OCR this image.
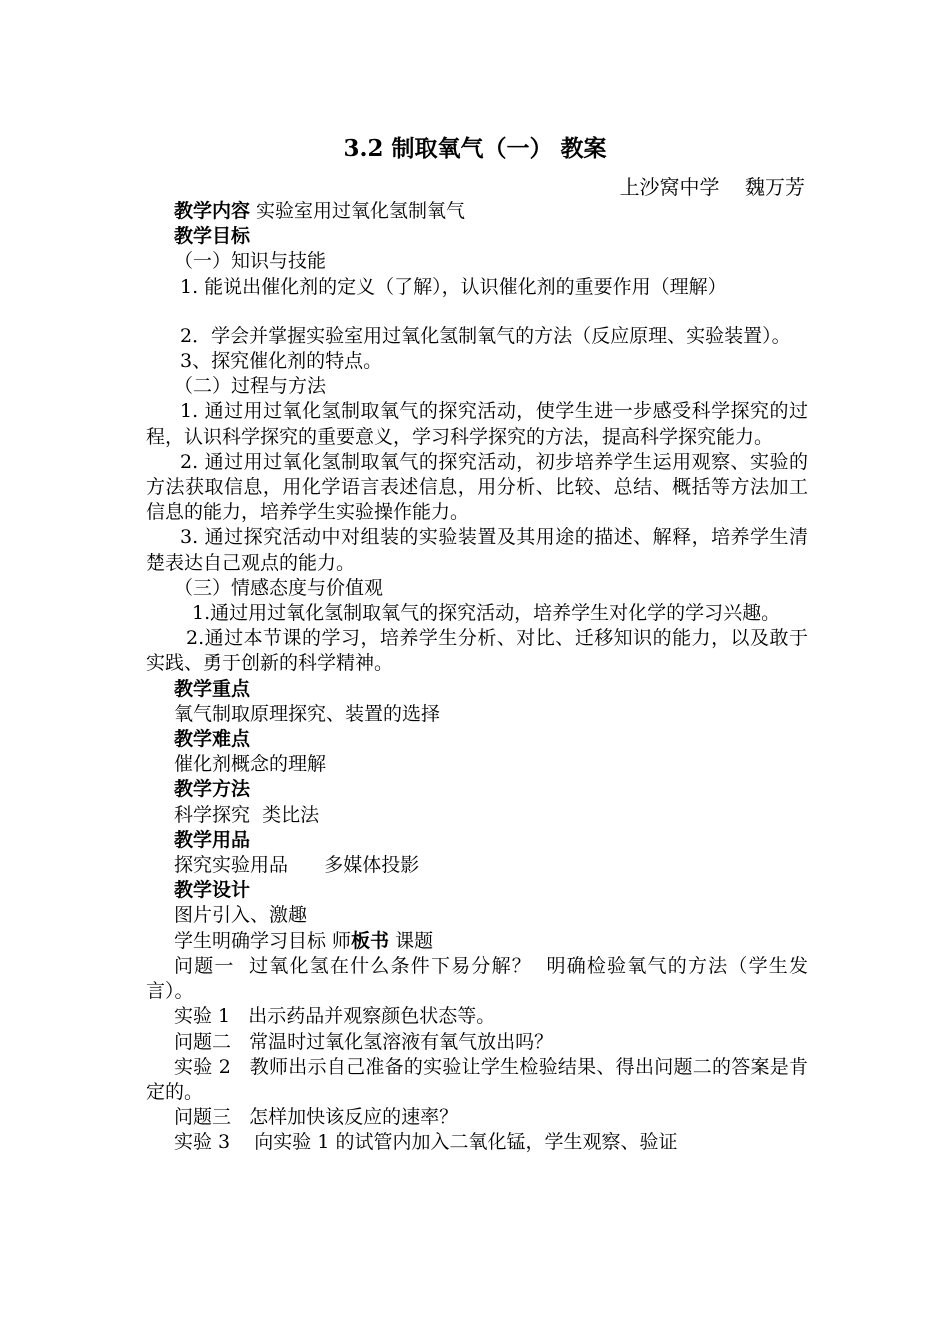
3.2 制取氧气（一） 教案
上沙窝中学    魏万芳

教学内容 实验室用过氧化氢制氧气

教学目标

（一）知识与技能

1. 能说出催化剂的定义（了解），认识催化剂的重要作用（理解）

2．学会并掌握实验室用过氧化氢制氧气的方法（反应原理、实验装置）。

3、探究催化剂的特点。

（二）过程与方法

1. 通过用过氧化氢制取氧气的探究活动，使学生进一步感受科学探究的过程，认识科学探究的重要意义，学习科学探究的方法，提高科学探究能力。

2. 通过用过氧化氢制取氧气的探究活动，初步培养学生运用观察、实验的方法获取信息，用化学语言表述信息，用分析、比较、总结、概括等方法加工信息的能力，培养学生实验操作能力。

3. 通过探究活动中对组装的实验装置及其用途的描述、解释，培养学生清楚表达自己观点的能力。

（三）情感态度与价值观

1.通过用过氧化氢制取氧气的探究活动，培养学生对化学的学习兴趣。

2.通过本节课的学习，培养学生分析、对比、迁移知识的能力，以及敢于实践、勇于创新的科学精神。

教学重点

氧气制取原理探究、装置的选择

教学难点

催化剂概念的理解

教学方法

科学探究  类比法

教学用品

探究实验用品      多媒体投影

教学设计

图片引入、激趣

学生明确学习目标 师板书 课题

问题一  过氧化氢在什么条件下易分解？  明确检验氧气的方法（学生发言）。

实验 1   出示药品并观察颜色状态等。

问题二   常温时过氧化氢溶液有氧气放出吗？

实验 2   教师出示自己准备的实验让学生检验结果、得出问题二的答案是肯定的。

问题三   怎样加快该反应的速率？

实验 3    向实验 1 的试管内加入二氧化锰，学生观察、验证
